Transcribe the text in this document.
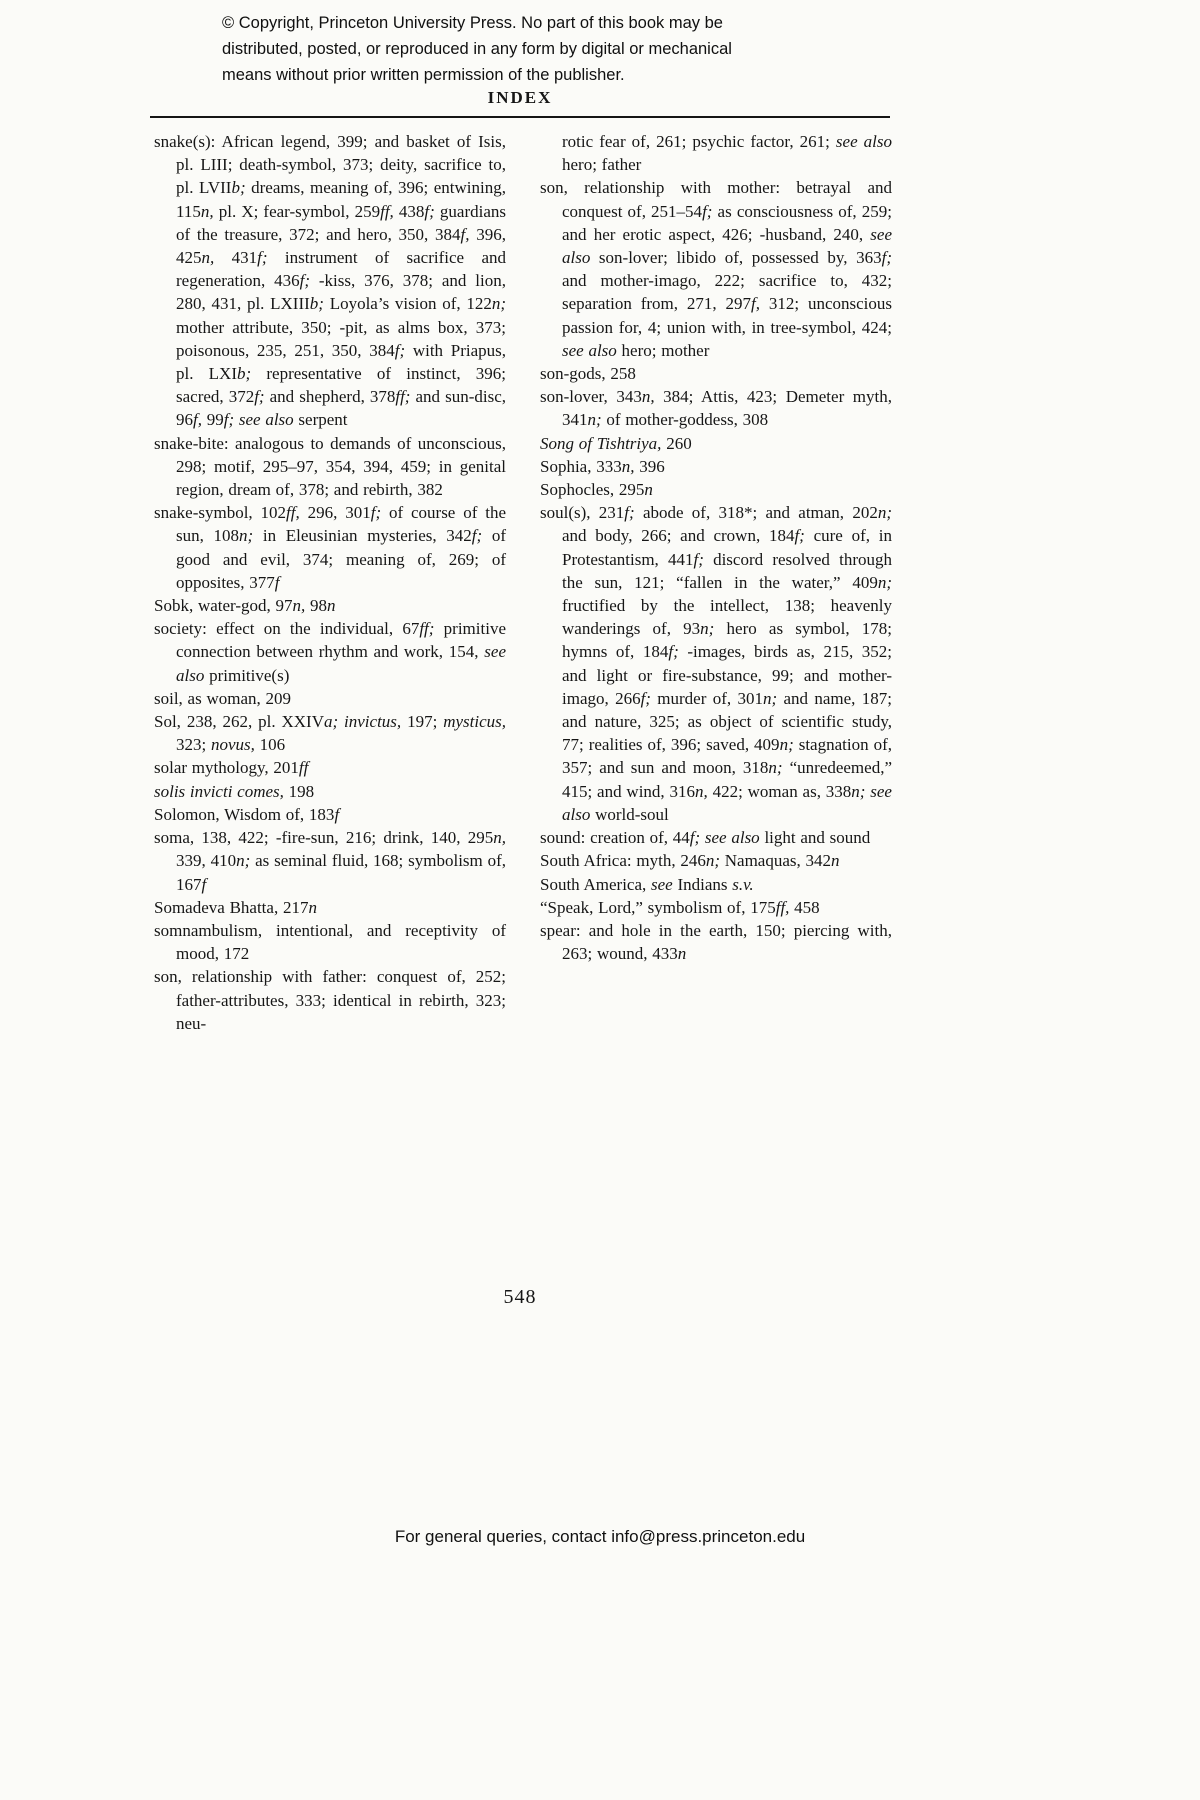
© Copyright, Princeton University Press. No part of this book may be
distributed, posted, or reproduced in any form by digital or mechanical
means without prior written permission of the publisher.
INDEX

snake(s): African legend, 399; and basket of Isis, pl. LIII; death-symbol, 373; deity, sacrifice to, pl. LVIIb; dreams, meaning of, 396; entwining, 115n, pl. X; fear-symbol, 259ff, 438f; guardians of the treasure, 372; and hero, 350, 384f, 396, 425n, 431f; instrument of sacrifice and regeneration, 436f; -kiss, 376, 378; and lion, 280, 431, pl. LXIIIb; Loyola’s vision of, 122n; mother attribute, 350; -pit, as alms box, 373; poisonous, 235, 251, 350, 384f; with Priapus, pl. LXIb; representative of instinct, 396; sacred, 372f; and shepherd, 378ff; and sun-disc, 96f, 99f; see also serpent

snake-bite: analogous to demands of unconscious, 298; motif, 295–97, 354, 394, 459; in genital region, dream of, 378; and rebirth, 382

snake-symbol, 102ff, 296, 301f; of course of the sun, 108n; in Eleusinian mysteries, 342f; of good and evil, 374; meaning of, 269; of opposites, 377f

Sobk, water-god, 97n, 98n

society: effect on the individual, 67ff; primitive connection between rhythm and work, 154, see also primitive(s)

soil, as woman, 209

Sol, 238, 262, pl. XXIVa; invictus, 197; mysticus, 323; novus, 106

solar mythology, 201ff

solis invicti comes, 198

Solomon, Wisdom of, 183f

soma, 138, 422; -fire-sun, 216; drink, 140, 295n, 339, 410n; as seminal fluid, 168; symbolism of, 167f

Somadeva Bhatta, 217n

somnambulism, intentional, and receptivity of mood, 172

son, relationship with father: conquest of, 252; father-attributes, 333; identical in rebirth, 323; neu-

rotic fear of, 261; psychic factor, 261; see also hero; father

son, relationship with mother: betrayal and conquest of, 251–54f; as consciousness of, 259; and her erotic aspect, 426; -husband, 240, see also son-lover; libido of, possessed by, 363f; and mother-imago, 222; sacrifice to, 432; separation from, 271, 297f, 312; unconscious passion for, 4; union with, in tree-symbol, 424; see also hero; mother

son-gods, 258

son-lover, 343n, 384; Attis, 423; Demeter myth, 341n; of mother-goddess, 308

Song of Tishtriya, 260

Sophia, 333n, 396

Sophocles, 295n

soul(s), 231f; abode of, 318*; and atman, 202n; and body, 266; and crown, 184f; cure of, in Protestantism, 441f; discord resolved through the sun, 121; “fallen in the water,” 409n; fructified by the intellect, 138; heavenly wanderings of, 93n; hero as symbol, 178; hymns of, 184f; -images, birds as, 215, 352; and light or fire-substance, 99; and mother-imago, 266f; murder of, 301n; and name, 187; and nature, 325; as object of scientific study, 77; realities of, 396; saved, 409n; stagnation of, 357; and sun and moon, 318n; “unredeemed,” 415; and wind, 316n, 422; woman as, 338n; see also world-soul

sound: creation of, 44f; see also light and sound

South Africa: myth, 246n; Namaquas, 342n

South America, see Indians s.v.

“Speak, Lord,” symbolism of, 175ff, 458

spear: and hole in the earth, 150; piercing with, 263; wound, 433n

548
For general queries, contact info@press.princeton.edu
